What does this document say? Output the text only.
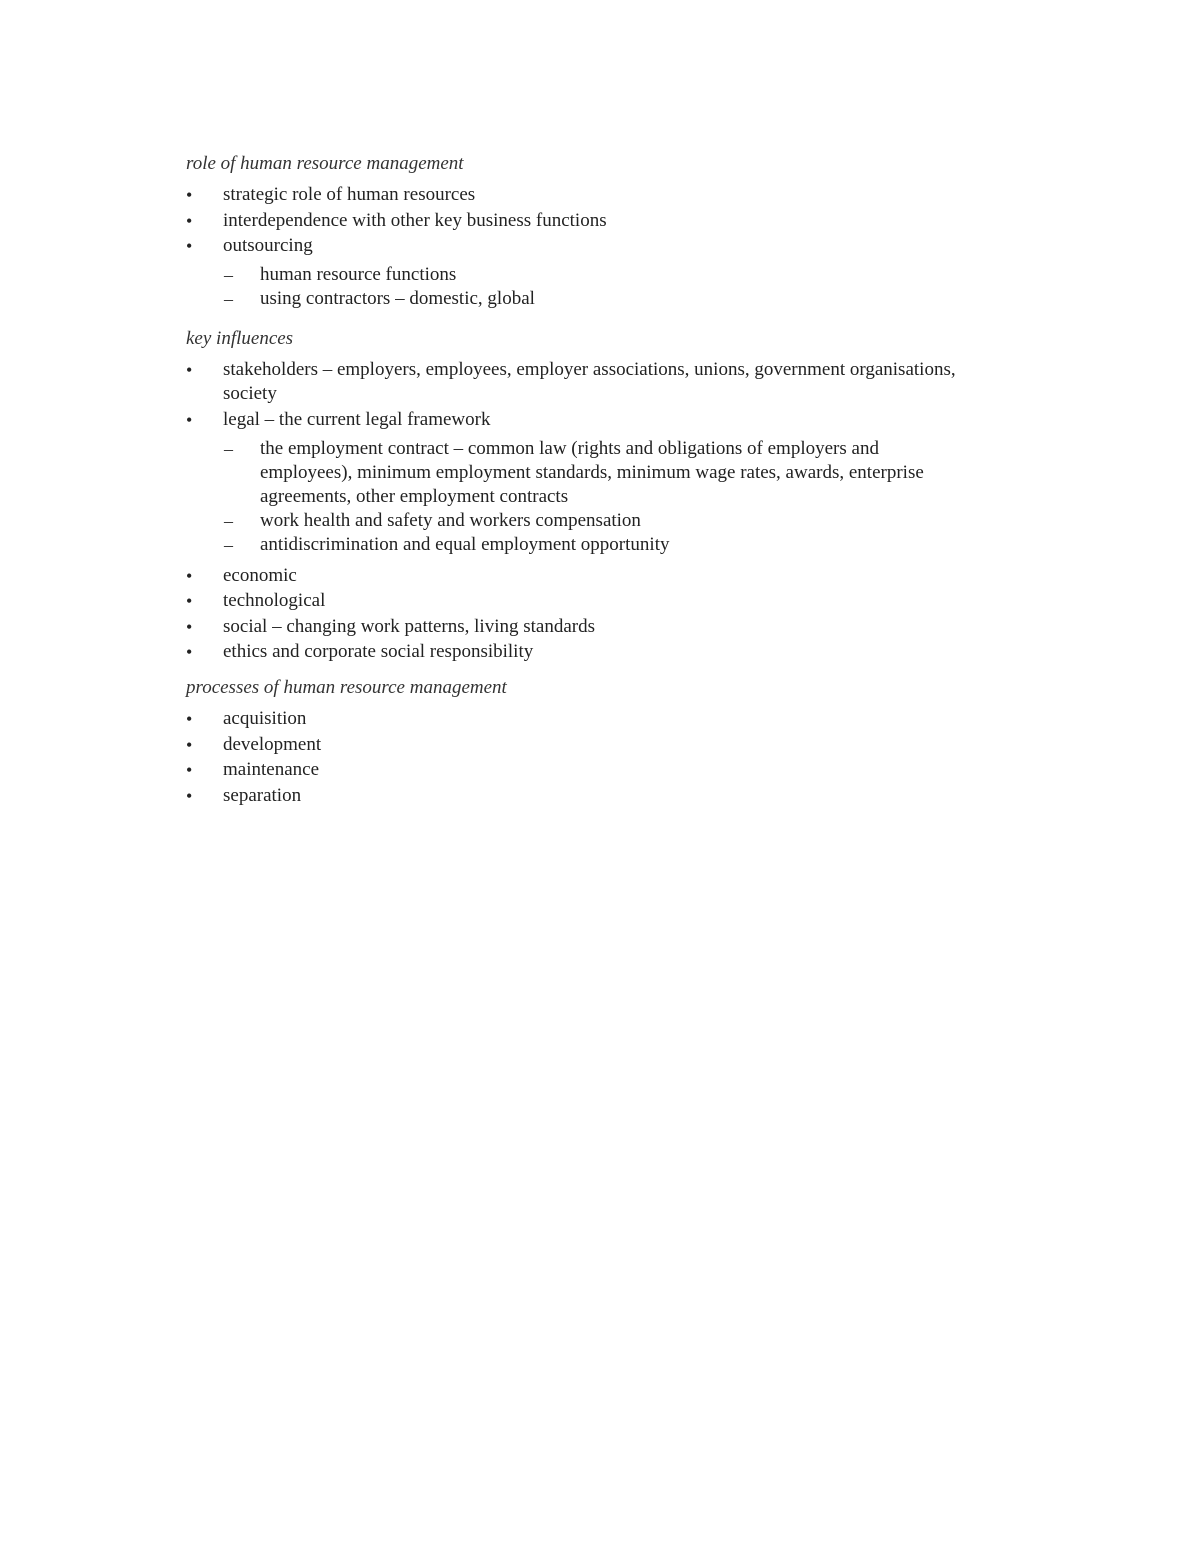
role of human resource management

• strategic role of human resources
• interdependence with other key business functions
• outsourcing
– human resource functions
– using contractors – domestic, global

key influences

• stakeholders – employers, employees, employer associations, unions, government organisations, society
• legal – the current legal framework
– the employment contract – common law (rights and obligations of employers and employees), minimum employment standards, minimum wage rates, awards, enterprise agreements, other employment contracts
– work health and safety and workers compensation
– antidiscrimination and equal employment opportunity
• economic
• technological
• social – changing work patterns, living standards
• ethics and corporate social responsibility

processes of human resource management

• acquisition
• development
• maintenance
• separation
